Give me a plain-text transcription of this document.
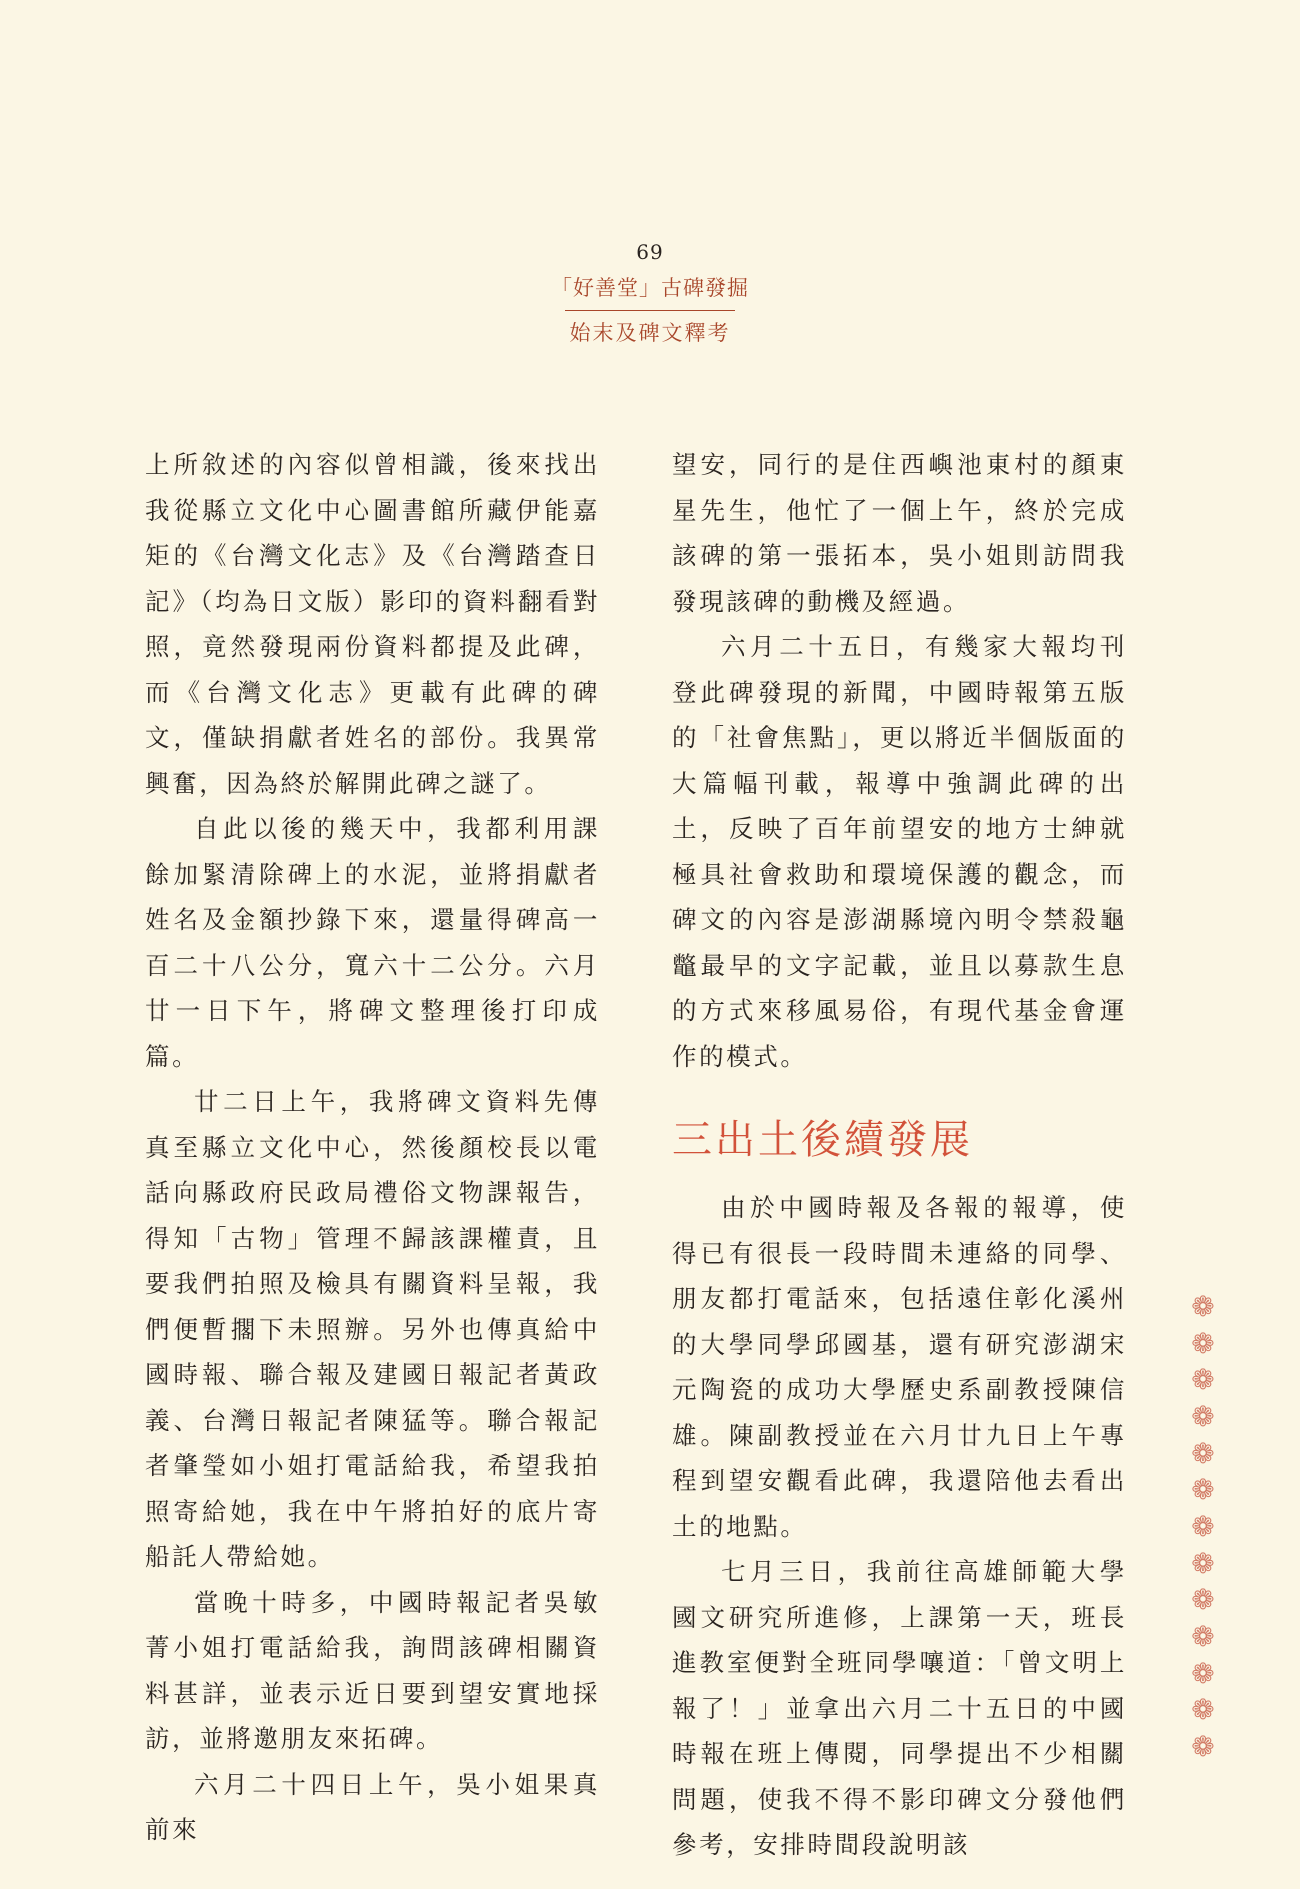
69
「好善堂」古碑發掘
始末及碑文釋考

上所敘述的內容似曾相識，後來找出我從縣立文化中心圖書館所藏伊能嘉矩的《台灣文化志》及《台灣踏查日記》（均為日文版）影印的資料翻看對照，竟然發現兩份資料都提及此碑，而《台灣文化志》更載有此碑的碑文，僅缺捐獻者姓名的部份。我異常興奮，因為終於解開此碑之謎了。

自此以後的幾天中，我都利用課餘加緊清除碑上的水泥，並將捐獻者姓名及金額抄錄下來，還量得碑高一百二十八公分，寬六十二公分。六月廿一日下午，將碑文整理後打印成篇。

廿二日上午，我將碑文資料先傳真至縣立文化中心，然後顏校長以電話向縣政府民政局禮俗文物課報告，得知「古物」管理不歸該課權責，且要我們拍照及檢具有關資料呈報，我們便暫擱下未照辦。另外也傳真給中國時報、聯合報及建國日報記者黃政義、台灣日報記者陳猛等。聯合報記者肇瑩如小姐打電話給我，希望我拍照寄給她，我在中午將拍好的底片寄船託人帶給她。

當晚十時多，中國時報記者吳敏菁小姐打電話給我，詢問該碑相關資料甚詳，並表示近日要到望安實地採訪，並將邀朋友來拓碑。

六月二十四日上午，吳小姐果真前來

望安，同行的是住西嶼池東村的顏東星先生，他忙了一個上午，終於完成該碑的第一張拓本，吳小姐則訪問我發現該碑的動機及經過。

六月二十五日，有幾家大報均刊登此碑發現的新聞，中國時報第五版的「社會焦點」，更以將近半個版面的大篇幅刊載，報導中強調此碑的出土，反映了百年前望安的地方士紳就極具社會救助和環境保護的觀念，而碑文的內容是澎湖縣境內明令禁殺龜鼈最早的文字記載，並且以募款生息的方式來移風易俗，有現代基金會運作的模式。

三出土後續發展

由於中國時報及各報的報導，使得已有很長一段時間未連絡的同學、朋友都打電話來，包括遠住彰化溪州的大學同學邱國基，還有研究澎湖宋元陶瓷的成功大學歷史系副教授陳信雄。陳副教授並在六月廿九日上午專程到望安觀看此碑，我還陪他去看出土的地點。

七月三日，我前往高雄師範大學國文研究所進修，上課第一天，班長進教室便對全班同學嚷道：「曾文明上報了！」並拿出六月二十五日的中國時報在班上傳閱，同學提出不少相關問題，使我不得不影印碑文分發他們參考，安排時間段說明該

❁
❁
❁
❁
❁
❁
❁
❁
❁
❁
❁
❁
❁
